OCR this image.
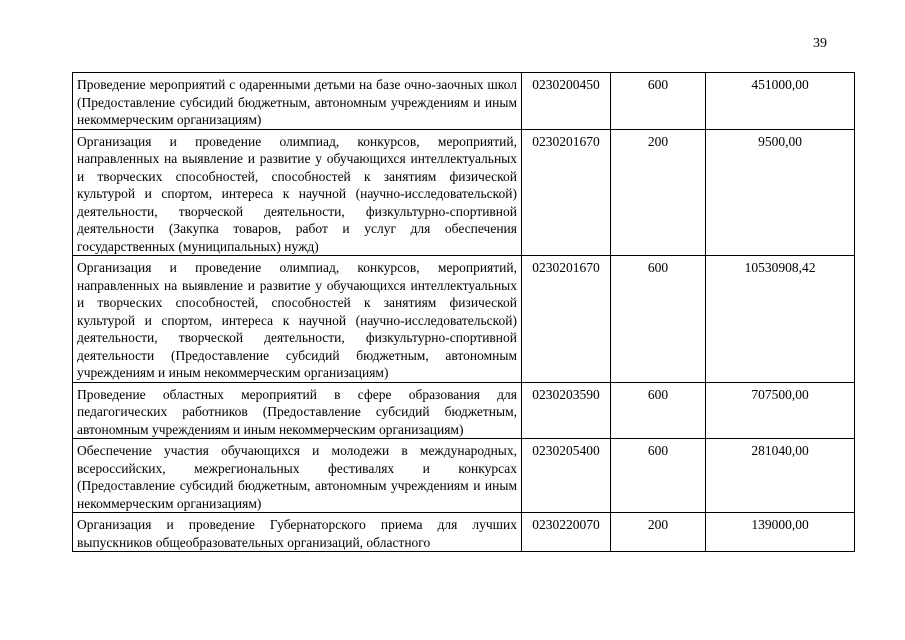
39
Проведение мероприятий с одаренными детьми на базе очно-заочных школ (Предоставление субсидий бюджетным, автономным учреждениям и иным некоммерческим организациям)	0230200450	600	451000,00
Организация и проведение олимпиад, конкурсов, мероприятий, направленных на выявление и развитие у обучающихся интеллектуальных и творческих способностей, способностей к занятиям физической культурой и спортом, интереса к научной (научно-исследовательской) деятельности, творческой деятельности, физкультурно-спортивной деятельности (Закупка товаров, работ и услуг для обеспечения государственных (муниципальных) нужд)	0230201670	200	9500,00
Организация и проведение олимпиад, конкурсов, мероприятий, направленных на выявление и развитие у обучающихся интеллектуальных и творческих способностей, способностей к занятиям физической культурой и спортом, интереса к научной (научно-исследовательской) деятельности, творческой деятельности, физкультурно-спортивной деятельности (Предоставление субсидий бюджетным, автономным учреждениям и иным некоммерческим организациям)	0230201670	600	10530908,42
Проведение областных мероприятий в сфере образования для педагогических работников (Предоставление субсидий бюджетным, автономным учреждениям и иным некоммерческим организациям)	0230203590	600	707500,00
Обеспечение участия обучающихся и молодежи в международных, всероссийских, межрегиональных фестивалях и конкурсах (Предоставление субсидий бюджетным, автономным учреждениям и иным некоммерческим организациям)	0230205400	600	281040,00
Организация и проведение Губернаторского приема для лучших выпускников общеобразовательных организаций, областного	0230220070	200	139000,00
